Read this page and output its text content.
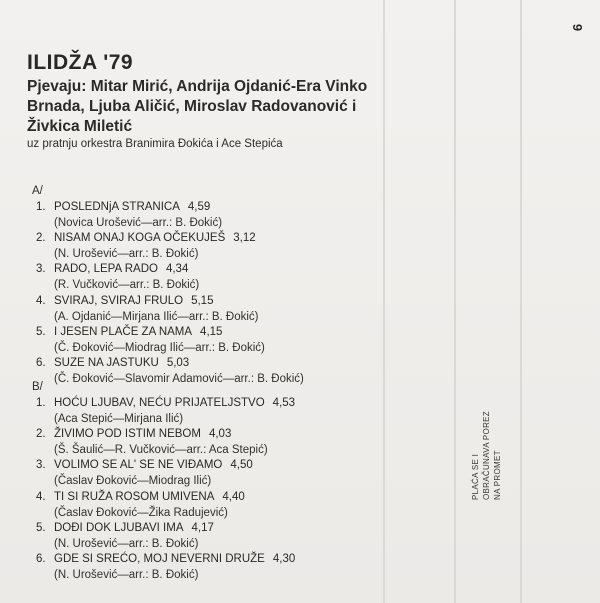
ILIDŽA '79
Pjevaju: Mitar Mirić, Andrija Ojdanić-Era Vinko Brnada, Ljuba Aličić, Miroslav Radovanović i Živkica Miletić
uz pratnju orkestra Branimira Đokića i Ace Stepića
A/
1. POSLEDNjA STRANICA 4,59
(Novica Urošević—arr.: B. Đokić)
2. NISAM ONAJ KOGA OČEKUJEŠ 3,12
(N. Urošević—arr.: B. Đokić)
3. RADO, LEPA RADO 4,34
(R. Vučković—arr.: B. Đokić)
4. SVIRAJ, SVIRAJ FRULO 5,15
(A. Ojdanić—Mirjana Ilić—arr.: B. Đokić)
5. I JESEN PLAČE ZA NAMA 4,15
(Č. Đoković—Miodrag Ilić—arr.: B. Đokić)
6. SUZE NA JASTUKU 5,03
(Č. Đoković—Slavomir Adamović—arr.: B. Đokić)
B/
1. HOĆU LJUBAV, NEĆU PRIJATELJSTVO 4,53
(Aca Stepić—Mirjana Ilić)
2. ŽIVIMO POD ISTIM NEBOM 4,03
(Š. Šaulić—R. Vučković—arr.: Aca Stepić)
3. VOLIMO SE AL' SE NE VIĐAMO 4,50
(Časlav Đoković—Miodrag Ilić)
4. TI SI RUŽA ROSOM UMIVENA 4,40
(Časlav Đoković—Žika Radujević)
5. DOĐI DOK LJUBAVI IMA 4,17
(N. Urošević—arr.: B. Đokić)
6. GDE SI SREĆO, MOJ NEVERNI DRUŽE 4,30
(N. Urošević—arr.: B. Đokić)
9
PLAĆA SE I OBRAČUNAVA POREZ NA PROMET
